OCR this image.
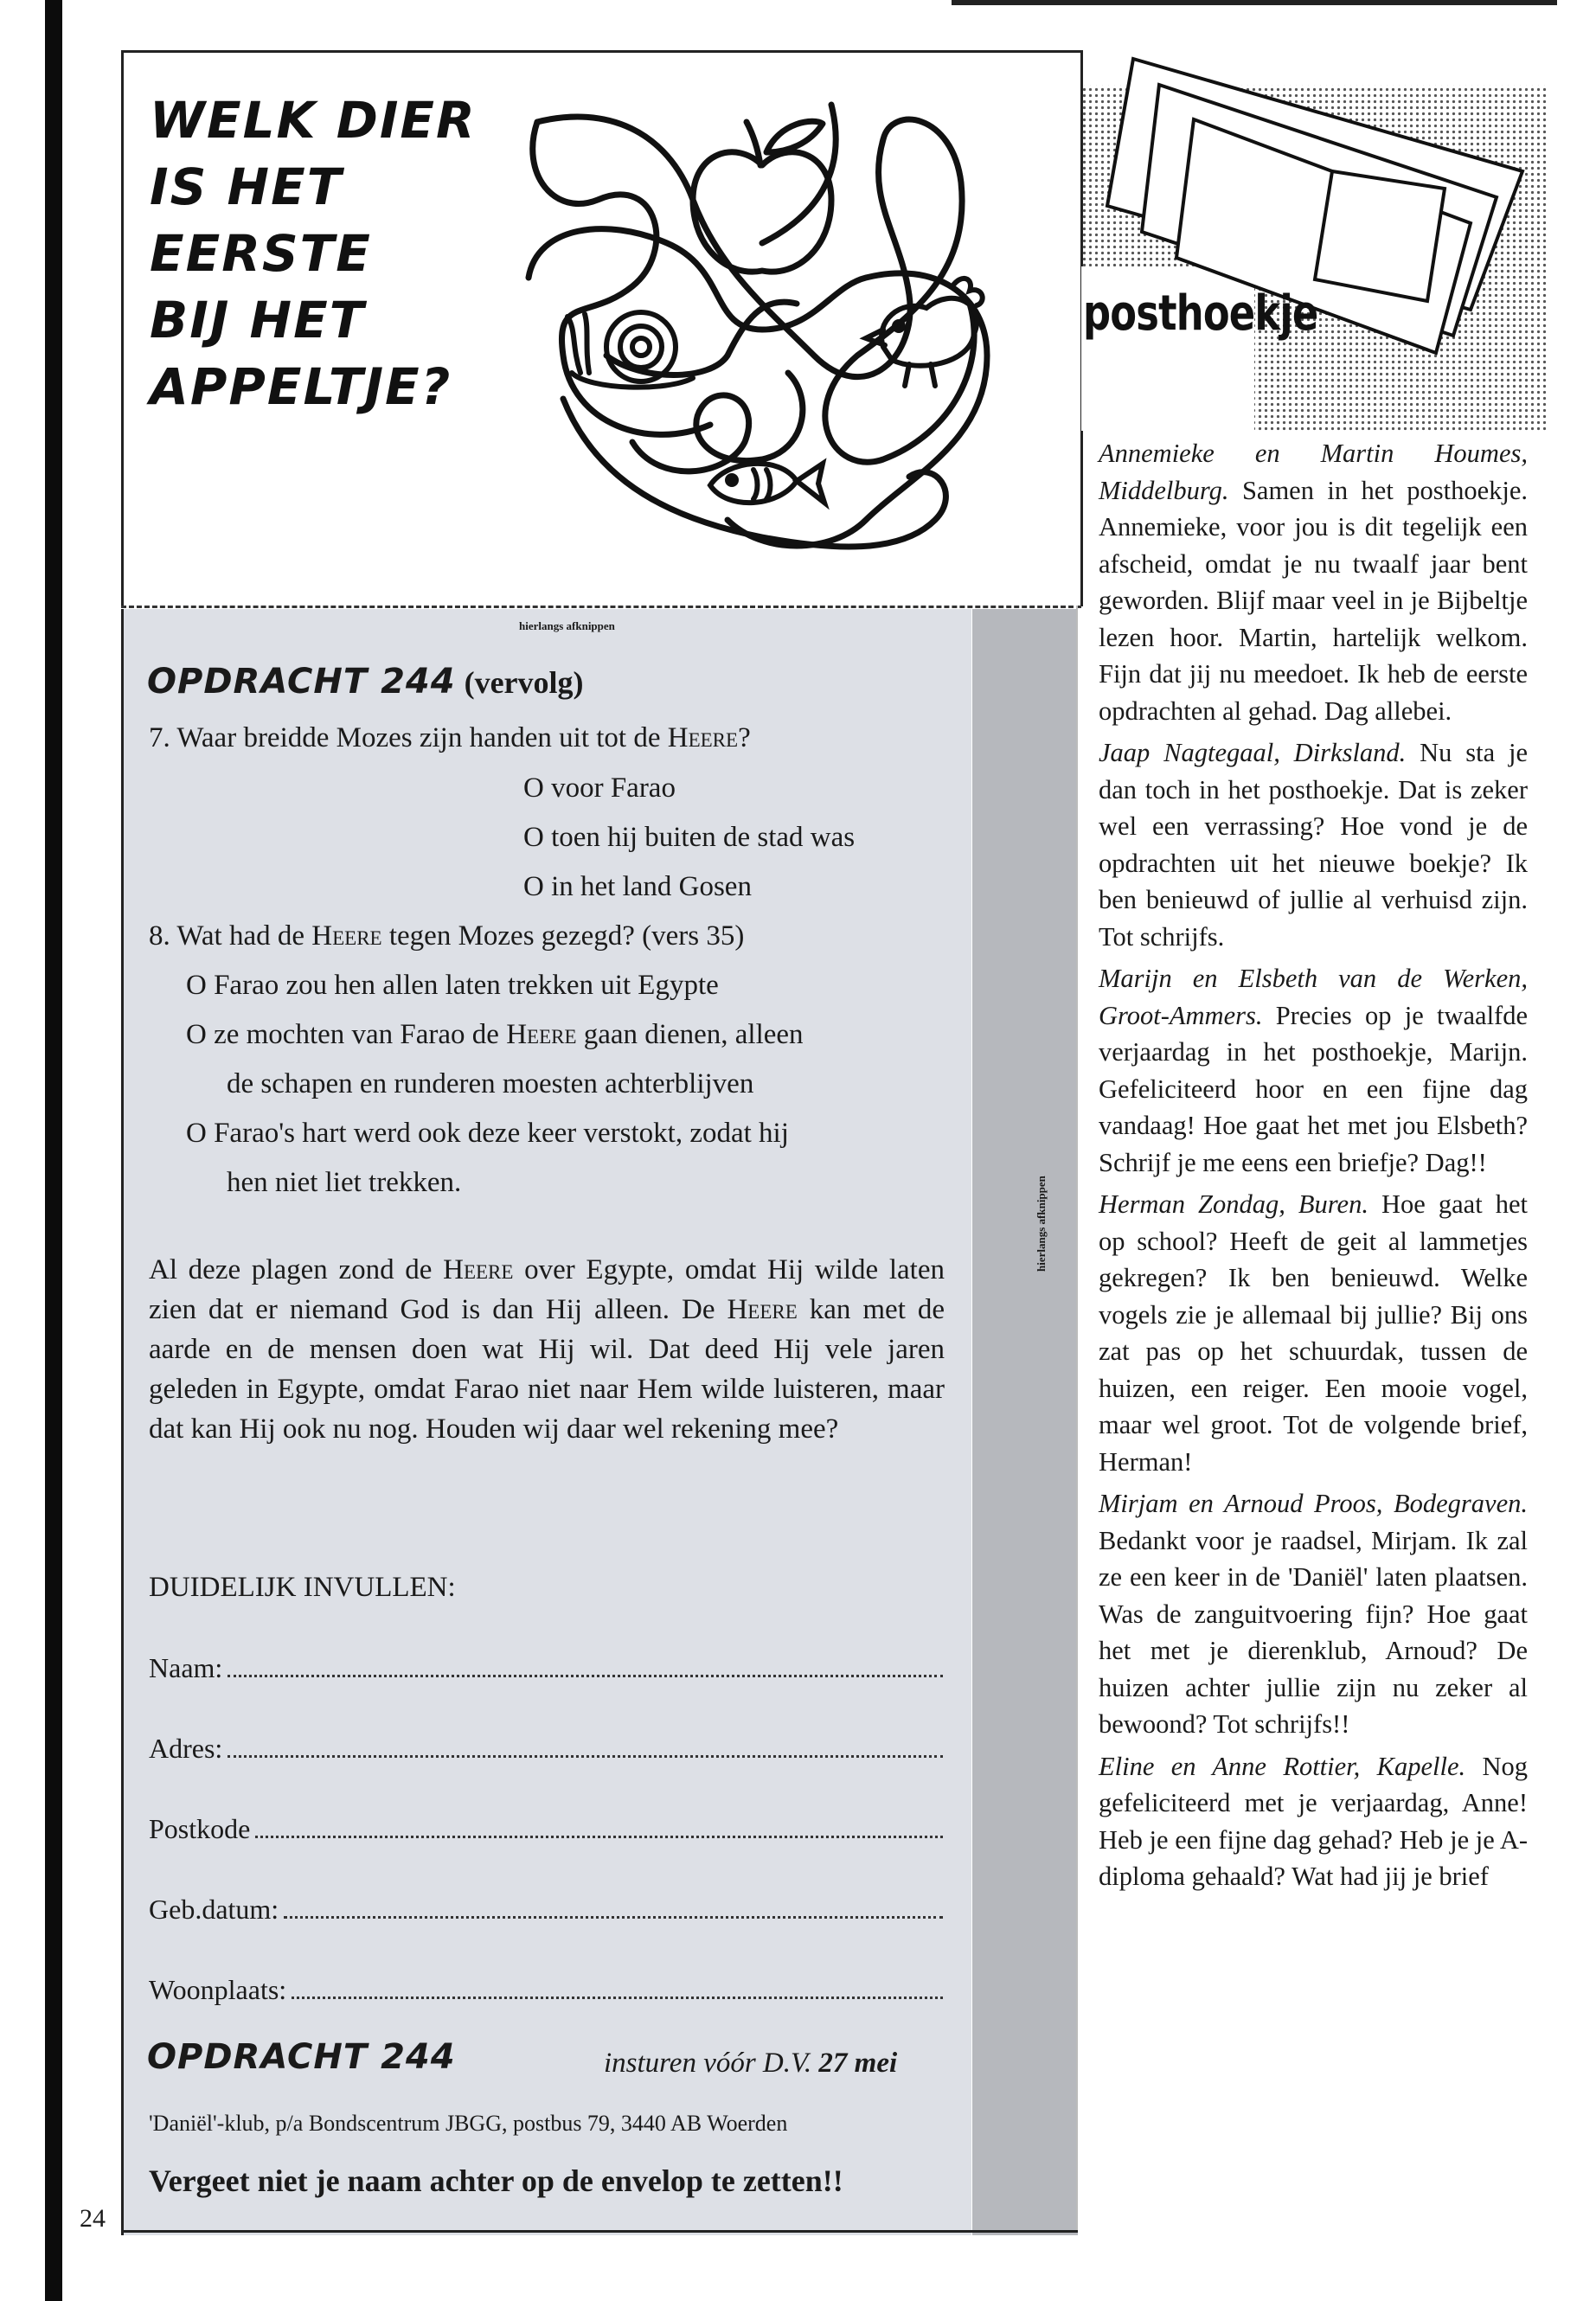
WELK DIER
IS HET
EERSTE
BIJ HET
APPELTJE?
hierlangs afknippen
hierlangs afknippen
OPDRACHT 244 (vervolg)
7. Waar breidde Mozes zijn handen uit tot de Heere?
O voor Farao
O toen hij buiten de stad was
O in het land Gosen
8. Wat had de Heere tegen Mozes gezegd? (vers 35)
O Farao zou hen allen laten trekken uit Egypte
O ze mochten van Farao de Heere gaan dienen, alleen
de schapen en runderen moesten achterblijven
O Farao's hart werd ook deze keer verstokt, zodat hij
hen niet liet trekken.
Al deze plagen zond de Heere over Egypte, omdat Hij wilde laten zien dat er niemand God is dan Hij alleen. De Heere kan met de aarde en de mensen doen wat Hij wil. Dat deed Hij vele jaren geleden in Egypte, omdat Farao niet naar Hem wilde luisteren, maar dat kan Hij ook nu nog. Houden wij daar wel rekening mee?
DUIDELIJK INVULLEN:
Naam:
Adres:
Postkode
Geb.datum:
Woonplaats:
OPDRACHT 244	insturen vóór D.V. 27 mei
'Daniël'-klub, p/a Bondscentrum JBGG, postbus 79, 3440 AB Woerden
Vergeet niet je naam achter op de envelop te zetten!!
24
posthoekje

Annemieke en Martin Houmes, Middelburg. Samen in het posthoekje. Annemieke, voor jou is dit tegelijk een afscheid, omdat je nu twaalf jaar bent geworden. Blijf maar veel in je Bijbeltje lezen hoor. Martin, hartelijk welkom. Fijn dat jij nu meedoet. Ik heb de eerste opdrachten al gehad. Dag allebei.

Jaap Nagtegaal, Dirksland. Nu sta je dan toch in het posthoekje. Dat is zeker wel een verrassing? Hoe vond je de opdrachten uit het nieuwe boekje? Ik ben benieuwd of jullie al verhuisd zijn. Tot schrijfs.

Marijn en Elsbeth van de Werken, Groot-Ammers. Precies op je twaalfde verjaardag in het posthoekje, Marijn. Gefeliciteerd hoor en een fijne dag vandaag! Hoe gaat het met jou Elsbeth? Schrijf je me eens een briefje? Dag!!

Herman Zondag, Buren. Hoe gaat het op school? Heeft de geit al lammetjes gekregen? Ik ben benieuwd. Welke vogels zie je allemaal bij jullie? Bij ons zat pas op het schuurdak, tussen de huizen, een reiger. Een mooie vogel, maar wel groot. Tot de volgende brief, Herman!

Mirjam en Arnoud Proos, Bodegraven. Bedankt voor je raadsel, Mirjam. Ik zal ze een keer in de 'Daniël' laten plaatsen. Was de zanguitvoering fijn? Hoe gaat het met je dierenklub, Arnoud? De huizen achter jullie zijn nu zeker al bewoond? Tot schrijfs!!

Eline en Anne Rottier, Kapelle. Nog gefeliciteerd met je verjaardag, Anne! Heb je een fijne dag gehad? Heb je je A-diploma gehaald? Wat had jij je brief
